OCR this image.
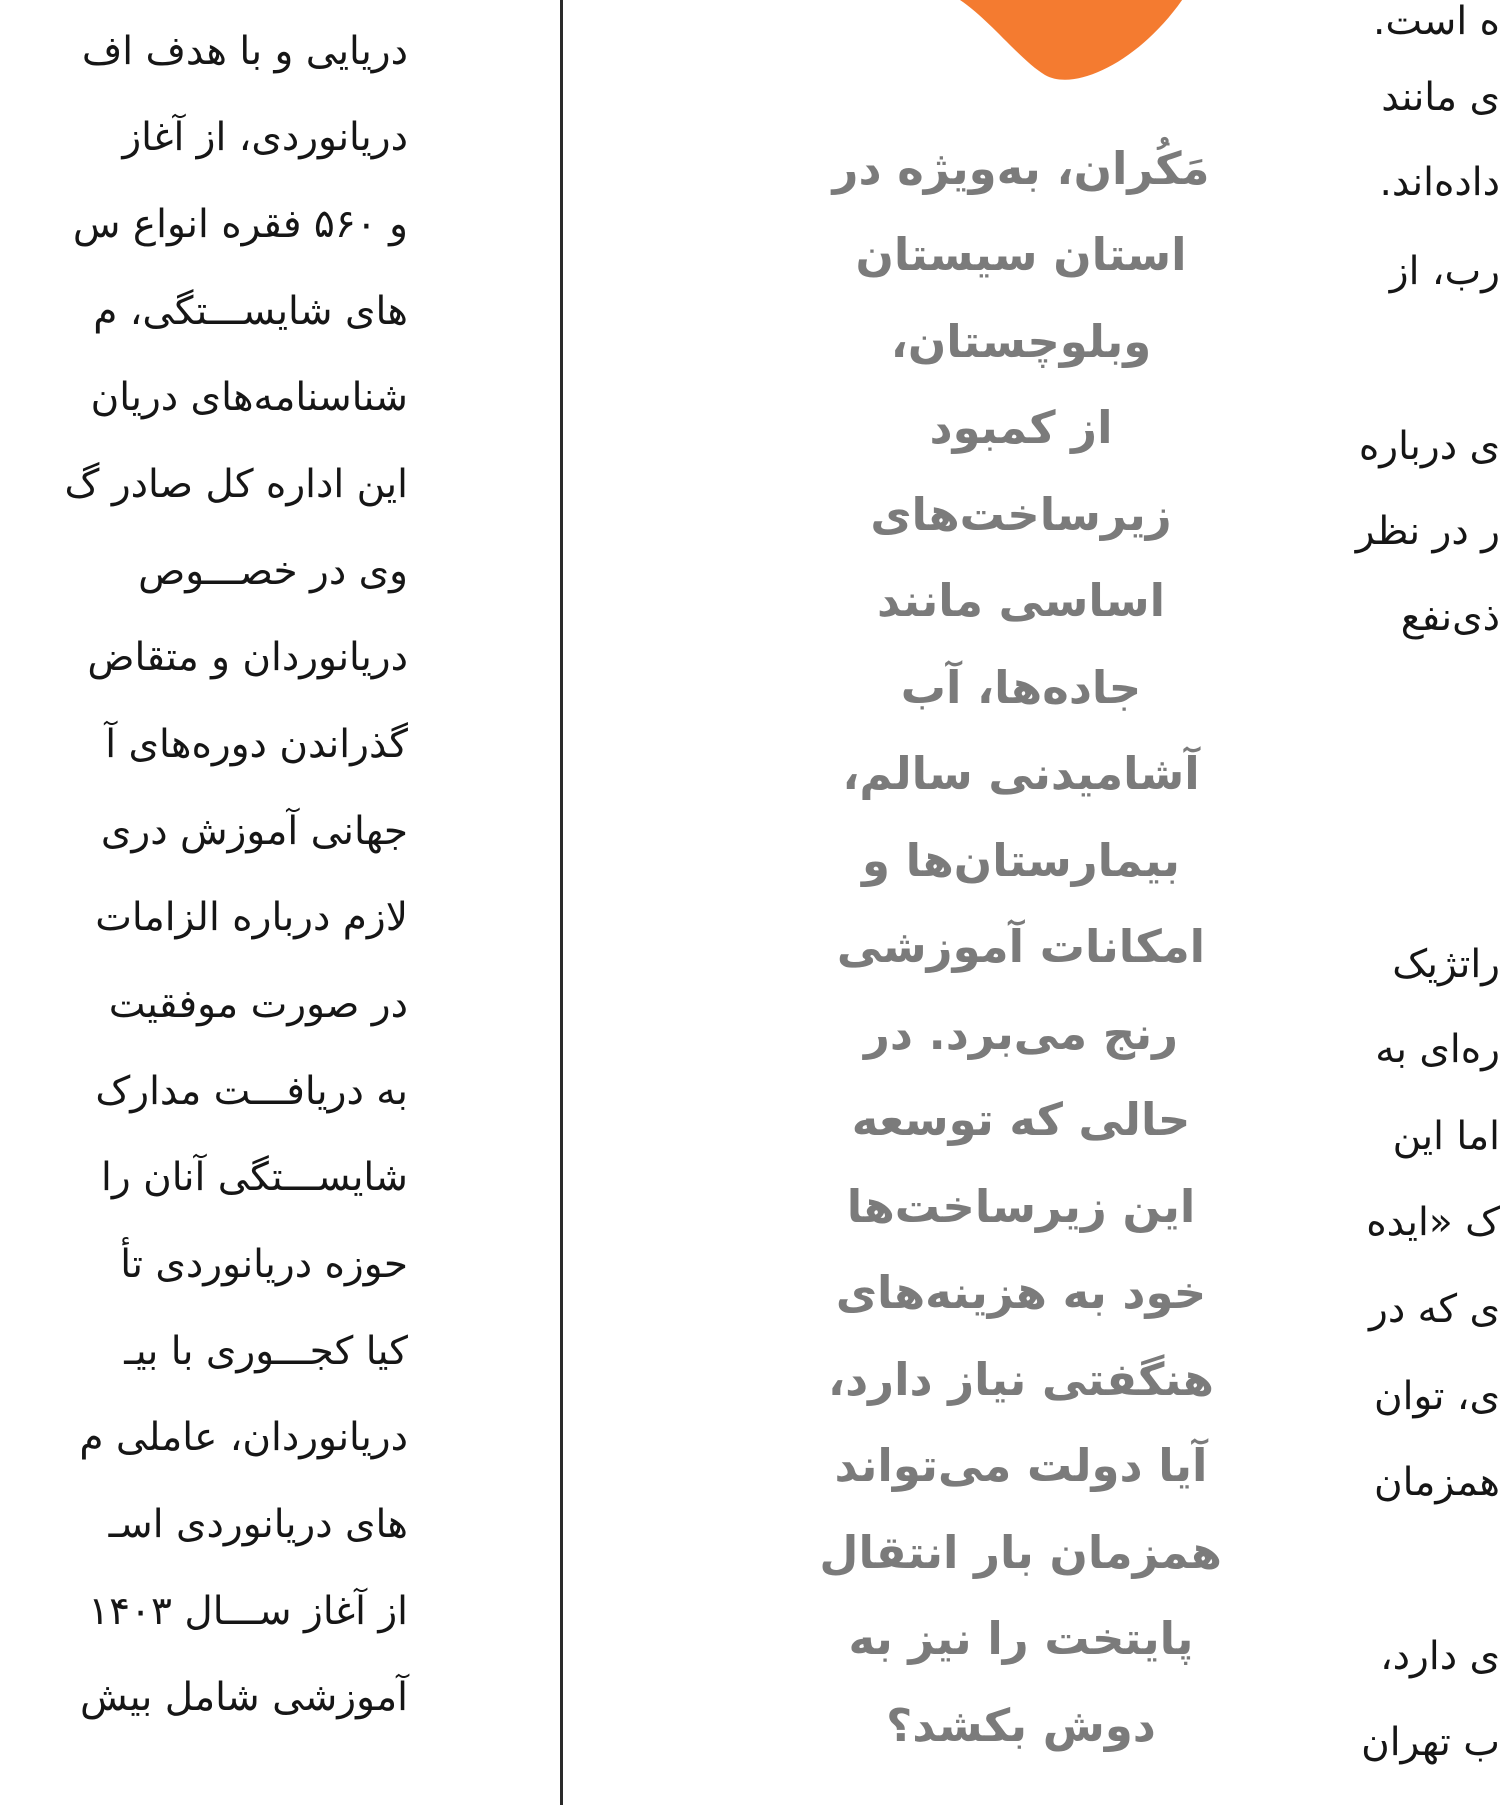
دریایی و با هدف اف
دریانوردی، از آغاز
و ۵۶۰ فقره انواع س
های شایســـتگی، م
شناسنامه‌های دریان
این اداره کل صادر گ
وی در خصـــوص
دریانوردان و متقاض
گذراندن دوره‌های آ
جهانی آموزش دری
لازم درباره الزامات
در صورت موفقیت
به دریافـــت مدارک
شایســـتگی آنان را
حوزه دریانوردی تأ
کیا کجـــوری با بیـ
دریانوردان، عاملی م
های دریانوردی اسـ
از آغاز ســـال ۱۴۰۳
آموزشی شامل بیش
مَکُران، به‌ویژه در
استان سیستان
وبلوچستان،
از کمبود
زیرساخت‌های
اساسی مانند
جاده‌ها، آب
آشامیدنی سالم،
بیمارستان‌ها و
امکانات آموزشی
رنج می‌برد. در
حالی که توسعه
این زیرساخت‌ها
خود به هزینه‌های
هنگفتی نیاز دارد،
آیا دولت می‌تواند
همزمان بار انتقال
پایتخت را نیز به
دوش بکشد؟
ه است.
ی مانند
داده‌اند.
رب، از
ی درباره
ر در نظر
ذی‌نفع
راتژیک
ره‌ای به
اما این
ک «ایده
ی که در
ی، توان
همزمان
ی دارد،
ب تهران
